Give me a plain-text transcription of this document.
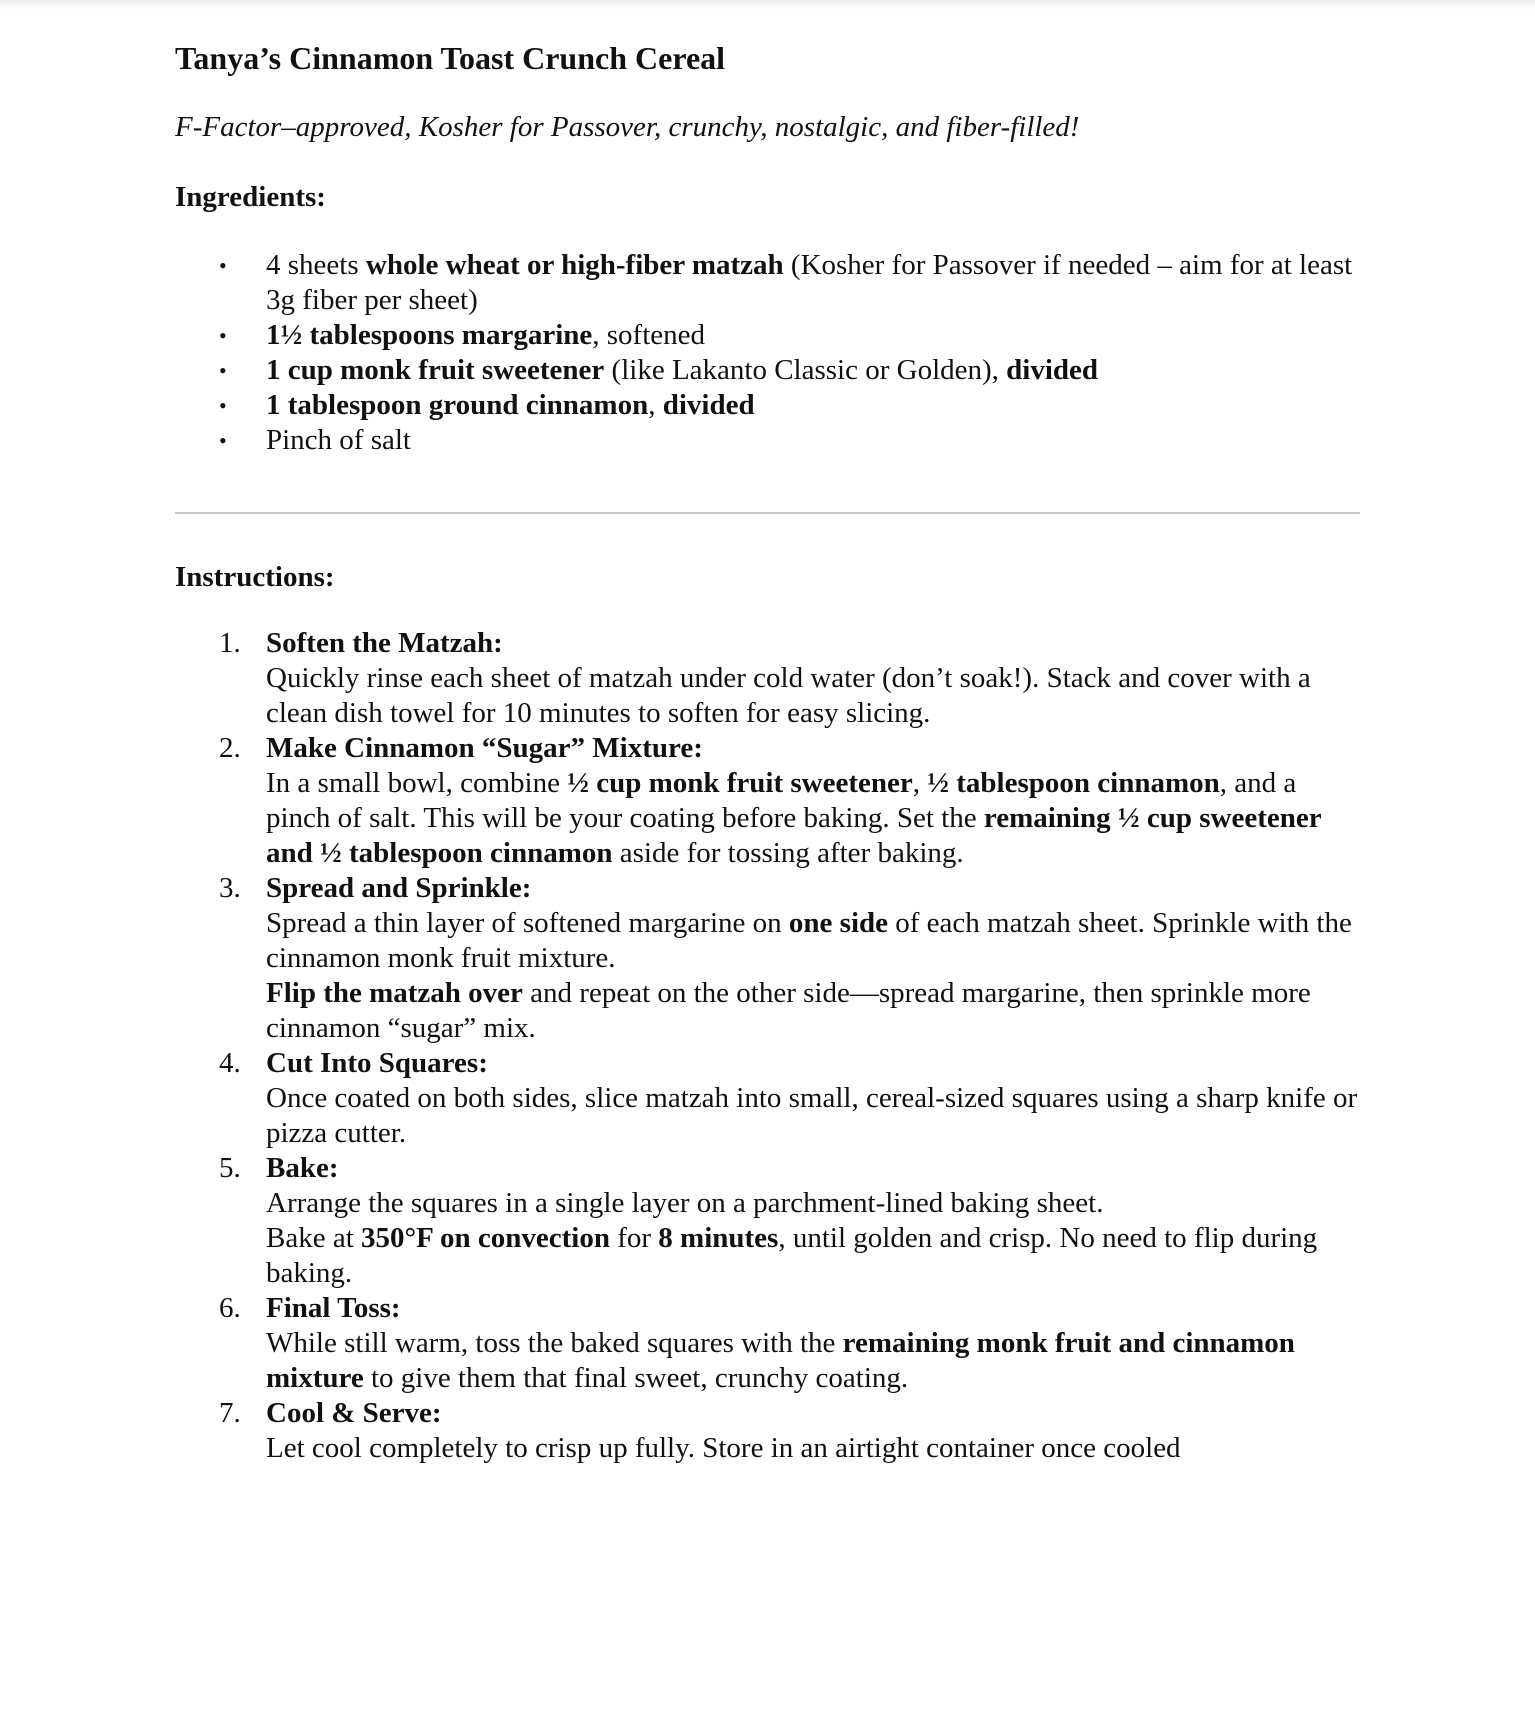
Tanya’s Cinnamon Toast Crunch Cereal

F-Factor–approved, Kosher for Passover, crunchy, nostalgic, and fiber-filled!

Ingredients:
• 4 sheets whole wheat or high-fiber matzah (Kosher for Passover if needed – aim for at least 3g fiber per sheet)
• 1½ tablespoons margarine, softened
• 1 cup monk fruit sweetener (like Lakanto Classic or Golden), divided
• 1 tablespoon ground cinnamon, divided
• Pinch of salt
Instructions:
1. Soften the Matzah:
Quickly rinse each sheet of matzah under cold water (don’t soak!). Stack and cover with a clean dish towel for 10 minutes to soften for easy slicing.
2. Make Cinnamon “Sugar” Mixture:
In a small bowl, combine ½ cup monk fruit sweetener, ½ tablespoon cinnamon, and a pinch of salt. This will be your coating before baking. Set the remaining ½ cup sweetener and ½ tablespoon cinnamon aside for tossing after baking.
3. Spread and Sprinkle:
Spread a thin layer of softened margarine on one side of each matzah sheet. Sprinkle with the cinnamon monk fruit mixture.
Flip the matzah over and repeat on the other side—spread margarine, then sprinkle more cinnamon “sugar” mix.
4. Cut Into Squares:
Once coated on both sides, slice matzah into small, cereal-sized squares using a sharp knife or pizza cutter.
5. Bake:
Arrange the squares in a single layer on a parchment-lined baking sheet.
Bake at 350°F on convection for 8 minutes, until golden and crisp. No need to flip during baking.
6. Final Toss:
While still warm, toss the baked squares with the remaining monk fruit and cinnamon mixture to give them that final sweet, crunchy coating.
7. Cool & Serve:
Let cool completely to crisp up fully. Store in an airtight container once cooled
